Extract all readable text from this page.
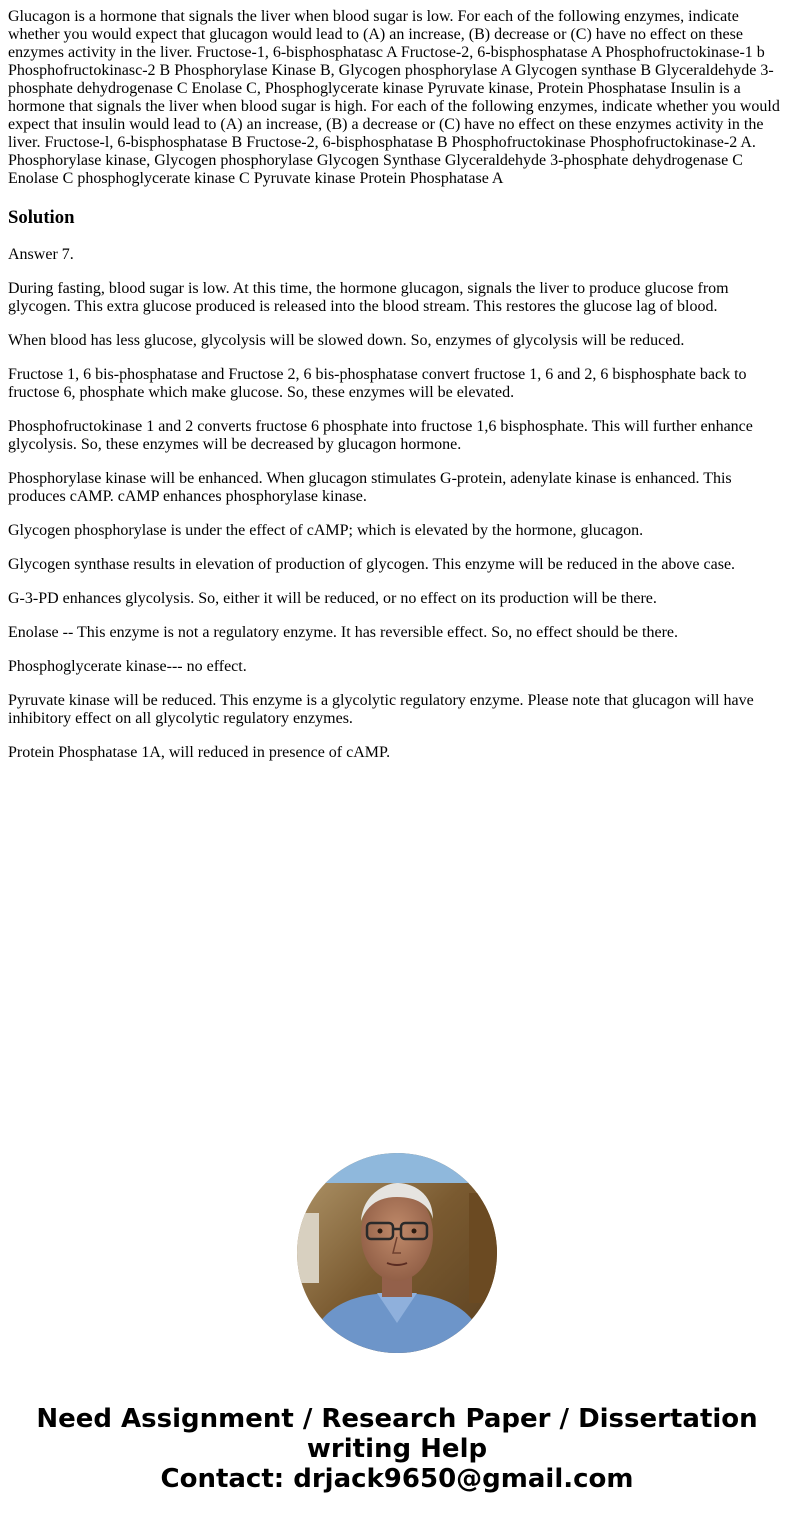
Glucagon is a hormone that signals the liver when blood sugar is low. For each of the following enzymes, indicate whether you would expect that glucagon would lead to (A) an increase, (B) decrease or (C) have no effect on these enzymes activity in the liver. Fructose-1, 6-bisphosphatasc A Fructose-2, 6-bisphosphatase A Phosphofructokinase-1 b Phosphofructokinasc-2 B Phosphorylase Kinase B, Glycogen phosphorylase A Glycogen synthase B Glyceraldehyde 3-phosphate dehydrogenase C Enolase C, Phosphoglycerate kinase Pyruvate kinase, Protein Phosphatase Insulin is a hormone that signals the liver when blood sugar is high. For each of the following enzymes, indicate whether you would expect that insulin would lead to (A) an increase, (B) a decrease or (C) have no effect on these enzymes activity in the liver. Fructose-l, 6-bisphosphatase B Fructose-2, 6-bisphosphatase B Phosphofructokinase Phosphofructokinase-2 A. Phosphorylase kinase, Glycogen phosphorylase Glycogen Synthase Glyceraldehyde 3-phosphate dehydrogenase C Enolase C phosphoglycerate kinase C Pyruvate kinase Protein Phosphatase A

Solution

Answer 7.

During fasting, blood sugar is low. At this time, the hormone glucagon, signals the liver to produce glucose from glycogen. This extra glucose produced is released into the blood stream. This restores the glucose lag of blood.

When blood has less glucose, glycolysis will be slowed down. So, enzymes of glycolysis will be reduced.

Fructose 1, 6 bis-phosphatase and Fructose 2, 6 bis-phosphatase convert fructose 1, 6 and 2, 6 bisphosphate back to fructose 6, phosphate which make glucose. So, these enzymes will be elevated.

Phosphofructokinase 1 and 2 converts fructose 6 phosphate into fructose 1,6 bisphosphate. This will further enhance glycolysis. So, these enzymes will be decreased by glucagon hormone.

Phosphorylase kinase will be enhanced. When glucagon stimulates G-protein, adenylate kinase is enhanced. This produces cAMP. cAMP enhances phosphorylase kinase.

Glycogen phosphorylase is under the effect of cAMP; which is elevated by the hormone, glucagon.

Glycogen synthase results in elevation of production of glycogen. This enzyme will be reduced in the above case.

G-3-PD enhances glycolysis. So, either it will be reduced, or no effect on its production will be there.

Enolase -- This enzyme is not a regulatory enzyme. It has reversible effect. So, no effect should be there.

Phosphoglycerate kinase--- no effect.

Pyruvate kinase will be reduced. This enzyme is a glycolytic regulatory enzyme. Please note that glucagon will have inhibitory effect on all glycolytic regulatory enzymes.

Protein Phosphatase 1A, will reduced in presence of cAMP.

Need Assignment / Research Paper / Dissertation
writing Help
Contact: drjack9650@gmail.com
